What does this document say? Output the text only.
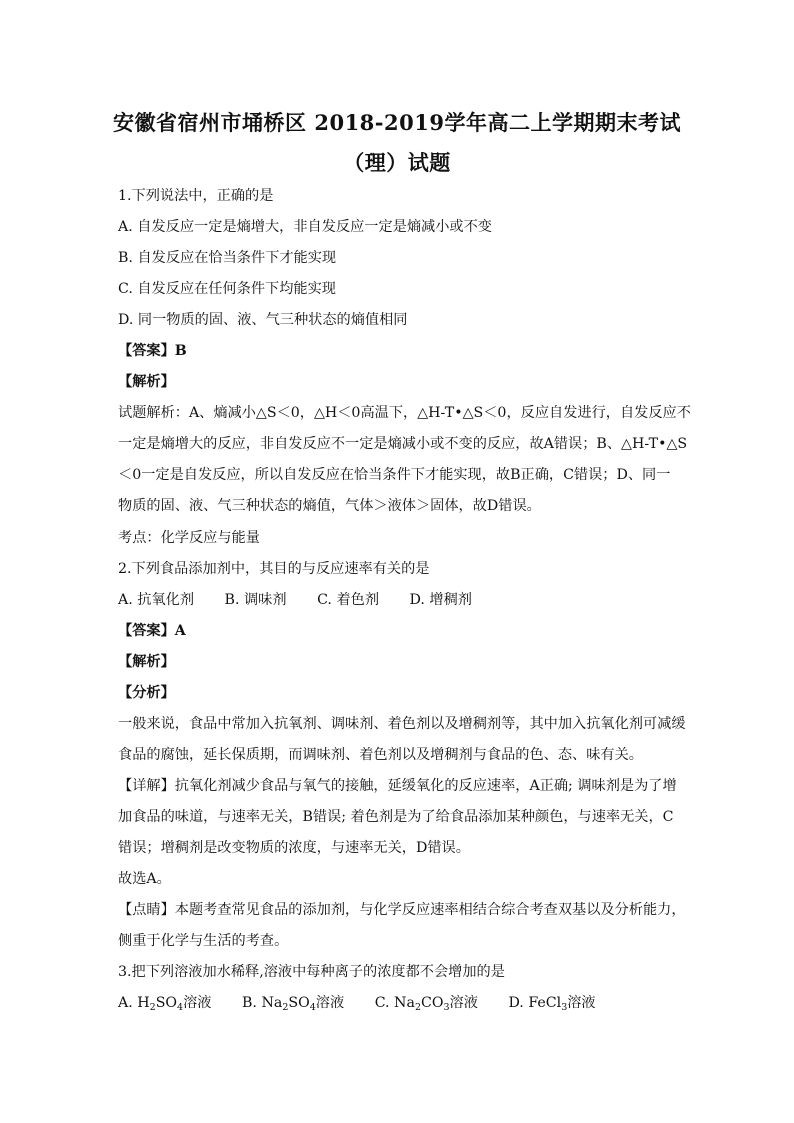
安徽省宿州市埇桥区 2018-2019学年高二上学期期末考试
（理）试题
1.下列说法中，正确的是
A. 自发反应一定是熵增大，非自发反应一定是熵减小或不变
B. 自发反应在恰当条件下才能实现
C. 自发反应在任何条件下均能实现
D. 同一物质的固、液、气三种状态的熵值相同
【答案】B
【解析】
试题解析：A、熵减小△S＜0，△H＜0高温下，△H-T•△S＜0，反应自发进行，自发反应不
一定是熵增大的反应，非自发反应不一定是熵减小或不变的反应，故A错误；B、△H-T•△S
＜0一定是自发反应，所以自发反应在恰当条件下才能实现，故B正确，C错误；D、同一
物质的固、液、气三种状态的熵值，气体＞液体＞固体，故D错误。
考点：化学反应与能量
2.下列食品添加剂中，其目的与反应速率有关的是
A. 抗氧化剂 B. 调味剂 C. 着色剂 D. 增稠剂
【答案】A
【解析】
【分析】
一般来说，食品中常加入抗氧剂、调味剂、着色剂以及增稠剂等，其中加入抗氧化剂可减缓
食品的腐蚀，延长保质期，而调味剂、着色剂以及增稠剂与食品的色、态、味有关。
【详解】抗氧化剂减少食品与氧气的接触，延缓氧化的反应速率，A正确; 调味剂是为了增
加食品的味道，与速率无关，B错误; 着色剂是为了给食品添加某种颜色，与速率无关，C
错误；增稠剂是改变物质的浓度，与速率无关，D错误。
故选A。
【点睛】本题考查常见食品的添加剂，与化学反应速率相结合综合考查双基以及分析能力，
侧重于化学与生活的考查。
3.把下列溶液加水稀释,溶液中每种离子的浓度都不会增加的是
A. $H_2SO_4$溶液 B. $Na_2SO_4$溶液 C. $Na_2CO_3$溶液 D. FeCl$_3$溶液
